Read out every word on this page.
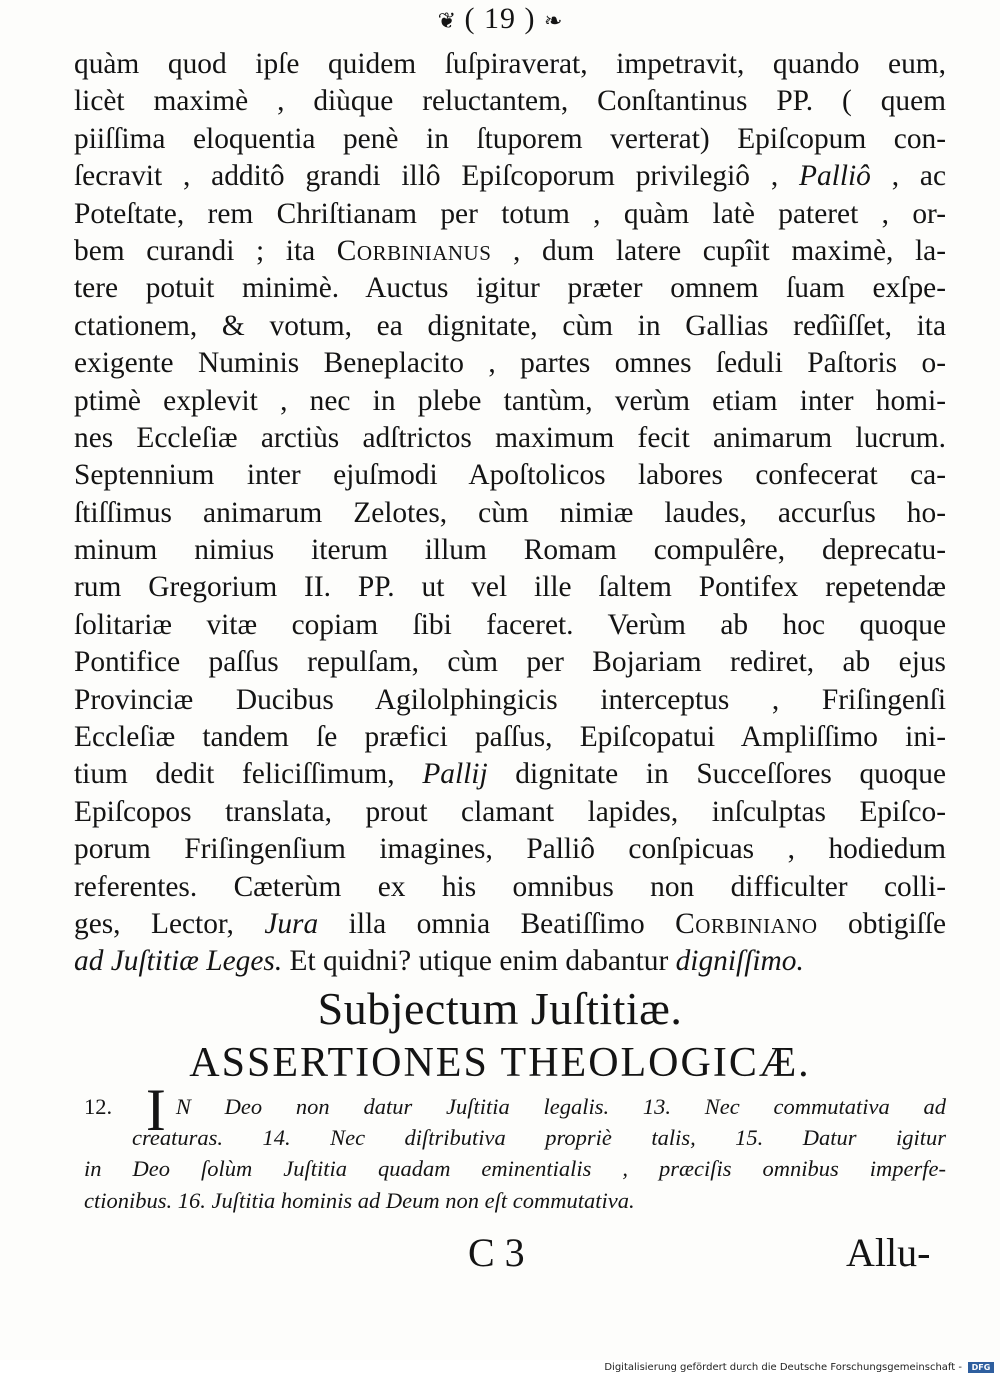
❦ ( 19 ) ❧
quàm quod ipſe quidem ſuſpiraverat, impetravit, quando eum,
licèt maximè , diùque reluctantem, Conſtantinus PP. ( quem
piiſſima eloquentia penè in ſtuporem verterat) Epiſcopum con-
ſecravit , additô grandi illô Epiſcoporum privilegiô , Palliô , ac
Poteſtate, rem Chriſtianam per totum , quàm latè pateret , or-
bem curandi ; ita Corbinianus , dum latere cupîit maximè, la-
tere potuit minimè. Auctus igitur præter omnem ſuam exſpe-
ctationem, & votum, ea dignitate, cùm in Gallias redîiſſet, ita
exigente Numinis Beneplacito , partes omnes ſeduli Paſtoris o-
ptimè explevit , nec in plebe tantùm, verùm etiam inter homi-
nes Eccleſiæ arctiùs adſtrictos maximum fecit animarum lucrum.
Septennium inter ejuſmodi Apoſtolicos labores confecerat ca-
ſtiſſimus animarum Zelotes, cùm nimiæ laudes, accurſus ho-
minum nimius iterum illum Romam compulêre, deprecatu-
rum Gregorium II. PP. ut vel ille ſaltem Pontifex repetendæ
ſolitariæ vitæ copiam ſibi faceret. Verùm ab hoc quoque
Pontifice paſſus repulſam, cùm per Bojariam rediret, ab ejus
Provinciæ Ducibus Agilolphingicis interceptus , Friſingenſi
Eccleſiæ tandem ſe præfici paſſus, Epiſcopatui Ampliſſimo ini-
tium dedit feliciſſimum, Pallij dignitate in Succeſſores quoque
Epiſcopos translata, prout clamant lapides, inſculptas Epiſco-
porum Friſingenſium imagines, Palliô conſpicuas , hodiedum
referentes. Cæterùm ex his omnibus non difficulter colli-
ges, Lector, Jura illa omnia Beatiſſimo Corbiniano obtigiſſe
ad Juſtitiæ Leges. Et quidni? utique enim dabantur digniſſimo.
Subjectum Juſtitiæ.
ASSERTIONES THEOLOGICÆ.
12. I N Deo non datur Juſtitia legalis. 13. Nec commutativa ad
creaturas. 14. Nec diſtributiva propriè talis, 15. Datur igitur
in Deo ſolùm Juſtitia quadam eminentialis , præciſis omnibus imperfe-
ctionibus. 16. Juſtitia hominis ad Deum non eſt commutativa.
C 3	Allu-
Digitalisierung gefördert durch die Deutsche Forschungsgemeinschaft -	DFG
